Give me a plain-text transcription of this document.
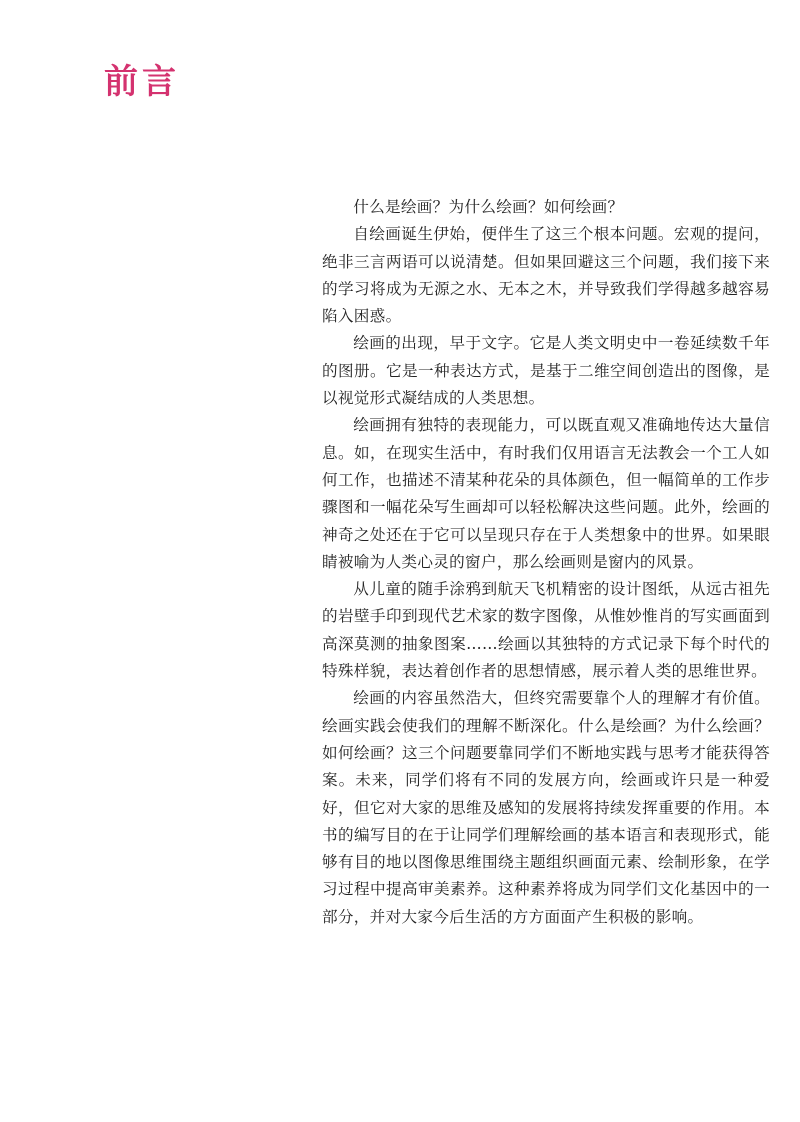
前言

什么是绘画？为什么绘画？如何绘画？

自绘画诞生伊始，便伴生了这三个根本问题。宏观的提问，绝非三言两语可以说清楚。但如果回避这三个问题，我们接下来的学习将成为无源之水、无本之木，并导致我们学得越多越容易陷入困惑。

绘画的出现，早于文字。它是人类文明史中一卷延续数千年的图册。它是一种表达方式，是基于二维空间创造出的图像，是以视觉形式凝结成的人类思想。

绘画拥有独特的表现能力，可以既直观又准确地传达大量信息。如，在现实生活中，有时我们仅用语言无法教会一个工人如何工作，也描述不清某种花朵的具体颜色，但一幅简单的工作步骤图和一幅花朵写生画却可以轻松解决这些问题。此外，绘画的神奇之处还在于它可以呈现只存在于人类想象中的世界。如果眼睛被喻为人类心灵的窗户，那么绘画则是窗内的风景。

从儿童的随手涂鸦到航天飞机精密的设计图纸，从远古祖先的岩壁手印到现代艺术家的数字图像，从惟妙惟肖的写实画面到高深莫测的抽象图案……绘画以其独特的方式记录下每个时代的特殊样貌，表达着创作者的思想情感，展示着人类的思维世界。

绘画的内容虽然浩大，但终究需要靠个人的理解才有价值。绘画实践会使我们的理解不断深化。什么是绘画？为什么绘画？如何绘画？这三个问题要靠同学们不断地实践与思考才能获得答案。未来，同学们将有不同的发展方向，绘画或许只是一种爱好，但它对大家的思维及感知的发展将持续发挥重要的作用。本书的编写目的在于让同学们理解绘画的基本语言和表现形式，能够有目的地以图像思维围绕主题组织画面元素、绘制形象，在学习过程中提高审美素养。这种素养将成为同学们文化基因中的一部分，并对大家今后生活的方方面面产生积极的影响。
